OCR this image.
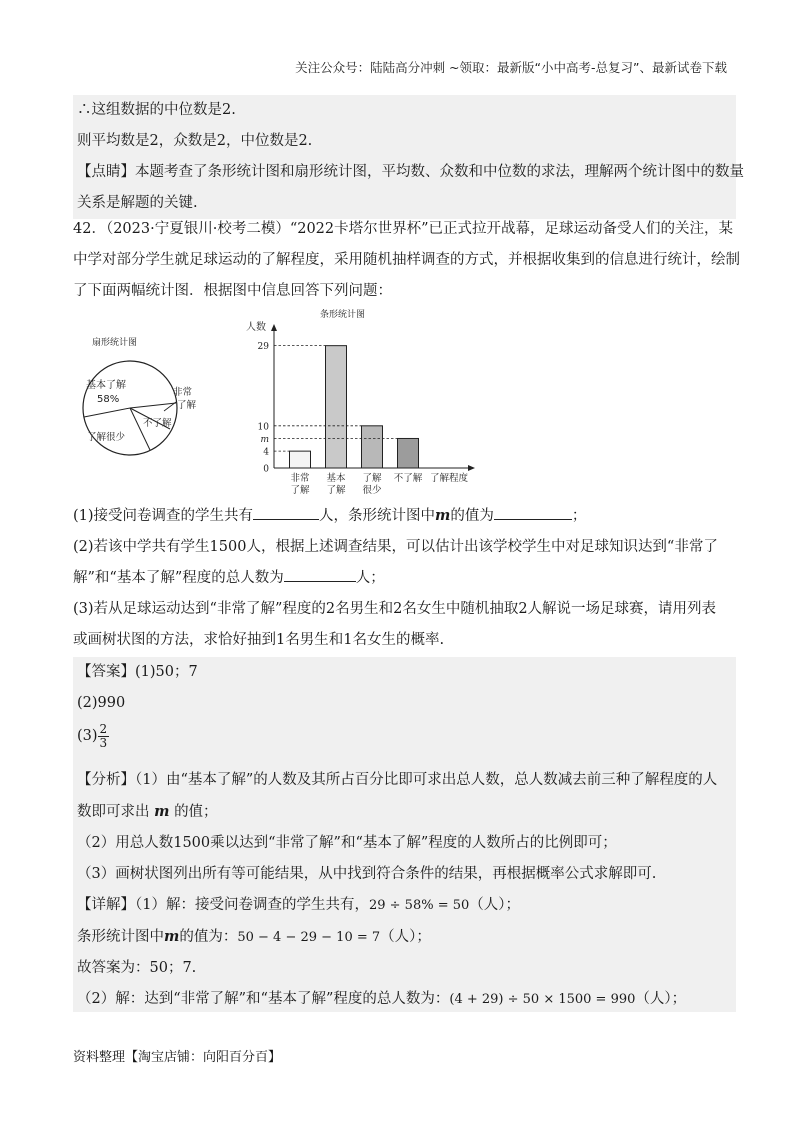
关注公众号：陆陆高分冲刺 ~领取：最新版“小中高考-总复习”、最新试卷下载
∴这组数据的中位数是2.
则平均数是2，众数是2，中位数是2.
【点睛】本题考查了条形统计图和扇形统计图，平均数、众数和中位数的求法，理解两个统计图中的数量
关系是解题的关键.
42．（2023·宁夏银川·校考二模）“2022卡塔尔世界杯”已正式拉开战幕，足球运动备受人们的关注，某
中学对部分学生就足球运动的了解程度，采用随机抽样调查的方式，并根据收集到的信息进行统计，绘制
了下面两幅统计图．根据图中信息回答下列问题：
扇形统计图
基本了解
58%
非常
了解
不了解
了解很少
条形统计图
人数
了解程度
0
4
m
10
29
非常
了解
基本
了解
了解
很少
不了解
(1)接受问卷调查的学生共有	人，条形统计图中m的值为	；
(2)若该中学共有学生1500人，根据上述调查结果，可以估计出该学校学生中对足球知识达到“非常了
解”和“基本了解”程度的总人数为	人；
(3)若从足球运动达到“非常了解”程度的2名男生和2名女生中随机抽取2人解说一场足球赛，请用列表
或画树状图的方法，求恰好抽到1名男生和1名女生的概率.
【答案】(1)50；7
(2)990
$(3) \frac{2}{3}$
【分析】（1）由“基本了解”的人数及其所占百分比即可求出总人数，总人数减去前三种了解程度的人
数即可求出 m 的值；
（2）用总人数1500乘以达到“非常了解”和“基本了解”程度的人数所占的比例即可；
（3）画树状图列出所有等可能结果，从中找到符合条件的结果，再根据概率公式求解即可.
【详解】（1）解：接受问卷调查的学生共有，29 ÷ 58% = 50（人）；
条形统计图中m的值为：50 − 4 − 29 − 10 = 7（人）；
故答案为：50；7.
（2）解：达到“非常了解”和“基本了解”程度的总人数为：(4 + 29) ÷ 50 × 1500 = 990（人）；
资料整理【淘宝店铺：向阳百分百】
